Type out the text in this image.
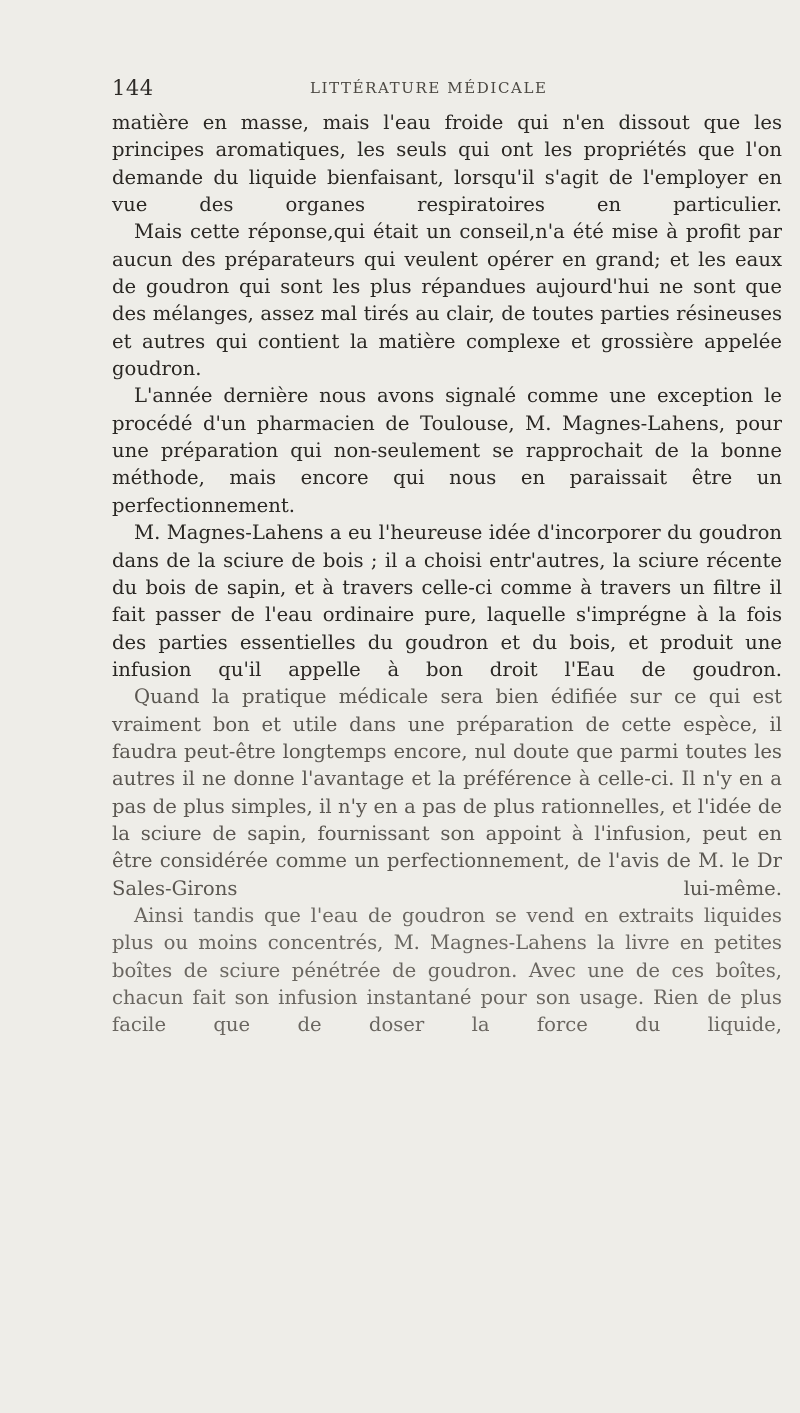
144	LITTÉRATURE MÉDICALE

matière en masse, mais l'eau froide qui n'en dissout que les principes aromatiques, les seuls qui ont les propriétés que l'on demande du liquide bienfaisant, lorsqu'il s'agit de l'employer en vue des organes respiratoires en particulier.

Mais cette réponse,qui était un conseil,n'a été mise à profit par aucun des préparateurs qui veulent opérer en grand; et les eaux de goudron qui sont les plus répandues aujourd'hui ne sont que des mélanges, assez mal tirés au clair, de toutes parties résineuses et autres qui contient la matière complexe et grossière appelée goudron.

L'année dernière nous avons signalé comme une exception le procédé d'un pharmacien de Toulouse, M. Magnes-Lahens, pour une préparation qui non-seulement se rapprochait de la bonne méthode, mais encore qui nous en paraissait être un perfectionnement.

M. Magnes-Lahens a eu l'heureuse idée d'incorporer du goudron dans de la sciure de bois ; il a choisi entr'autres, la sciure récente du bois de sapin, et à travers celle-ci comme à travers un filtre il fait passer de l'eau ordinaire pure, laquelle s'imprégne à la fois des parties essentielles du goudron et du bois, et produit une infusion qu'il appelle à bon droit l'Eau de goudron.

Quand la pratique médicale sera bien édifiée sur ce qui est vraiment bon et utile dans une préparation de cette espèce, il faudra peut-être longtemps encore, nul doute que parmi toutes les autres il ne donne l'avantage et la préférence à celle-ci. Il n'y en a pas de plus simples, il n'y en a pas de plus rationnelles, et l'idée de la sciure de sapin, fournissant son appoint à l'infusion, peut en être considérée comme un perfectionnement, de l'avis de M. le Dr Sales-Girons lui-même.

Ainsi tandis que l'eau de goudron se vend en extraits liquides plus ou moins concentrés, M. Magnes-Lahens la livre en petites boîtes de sciure pénétrée de goudron. Avec une de ces boîtes, chacun fait son infusion instantané pour son usage. Rien de plus facile que de doser la force du liquide,
